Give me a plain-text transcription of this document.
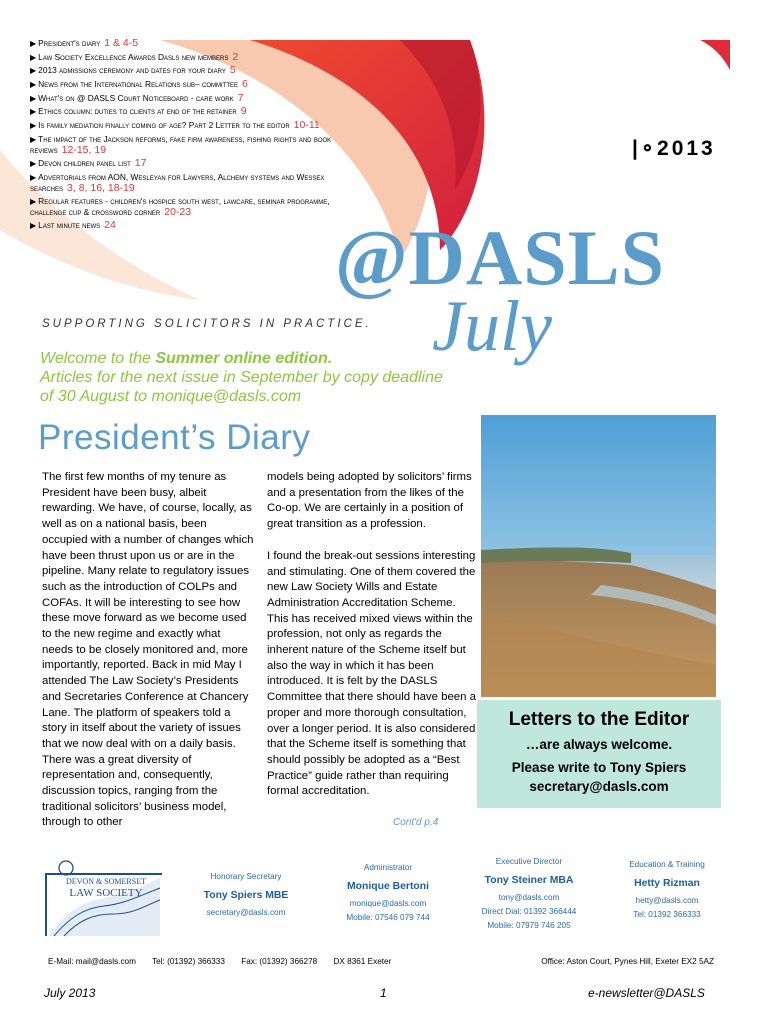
▶ President's diary 1 & 4-5
▶ Law Society Excellence Awards Dasls new members 2
▶ 2013 admissions ceremony and dates for your diary 5
▶ News from the International Relations sub– committee 6
▶ What's on @ DASLS Court Noticeboard - care work 7
▶ Ethics column: duties to clients at end of the retainer 9
▶ Is family mediation finally coming of age? Part 2 Letter to the editor 10-11
▶ The impact of the Jackson reforms, fake firm awareness, fishing rights and book reviews 12-15, 19
▶ Devon children panel list 17
▶ Advertorials from AON, Wesleyan for Lawyers, Alchemy systems and Wessex searches 3, 8, 16, 18-19
▶ Regular features - children's hospice south west, lawcare, seminar programme, challenge cup & crossword corner 20-23
▶ Last minute news 24
|∘2013
@DASLS
July
SUPPORTING SOLICITORS IN PRACTICE.
Welcome to the Summer online edition.
Articles for the next issue in September by copy deadline of 30 August to monique@dasls.com
President’s Diary

The first few months of my tenure as President have been busy, albeit rewarding. We have, of course, locally, as well as on a national basis, been occupied with a number of changes which have been thrust upon us or are in the pipeline. Many relate to regulatory issues such as the introduction of COLPs and COFAs. It will be interesting to see how these move forward as we become used to the new regime and exactly what needs to be closely monitored and, more importantly, reported. Back in mid May I attended The Law Society’s Presidents and Secretaries Conference at Chancery Lane. The platform of speakers told a story in itself about the variety of issues that we now deal with on a daily basis. There was a great diversity of representation and, consequently, discussion topics, ranging from the traditional solicitors’ business model, through to other

models being adopted by solicitors’ firms and a presentation from the likes of the Co-op. We are certainly in a position of great transition as a profession.

I found the break-out sessions interesting and stimulating. One of them covered the new Law Society Wills and Estate Administration Accreditation Scheme. This has received mixed views within the profession, not only as regards the inherent nature of the Scheme itself but also the way in which it has been introduced. It is felt by the DASLS Committee that there should have been a proper and more thorough consultation, over a longer period. It is also considered that the Scheme itself is something that should possibly be adopted as a “Best Practice” guide rather than requiring formal accreditation.

Cont'd p.4
Letters to the Editor
…are always welcome.
Please write to Tony Spiers
secretary@dasls.com
DEVON & SOMERSET
LAW SOCIETY
Honorary Secretary
Tony Spiers MBE
secretary@dasls.com
Administrator
Monique Bertoni
monique@dasls.com
Mobile: 07546 079 744
Executive Director
Tony Steiner MBA
tony@dasls.com
Direct Dial: 01392 366444
Mobile: 07979 746 205
Education & Training
Hetty Rizman
hetty@dasls.com
Tel: 01392 366333
E-Mail: mail@dasls.com Tel: (01392) 366333 Fax: (01392) 366278 DX 8361 Exeter	Office: Aston Court, Pynes Hill, Exeter EX2 5AZ
July 2013	1	e-newsletter@DASLS
